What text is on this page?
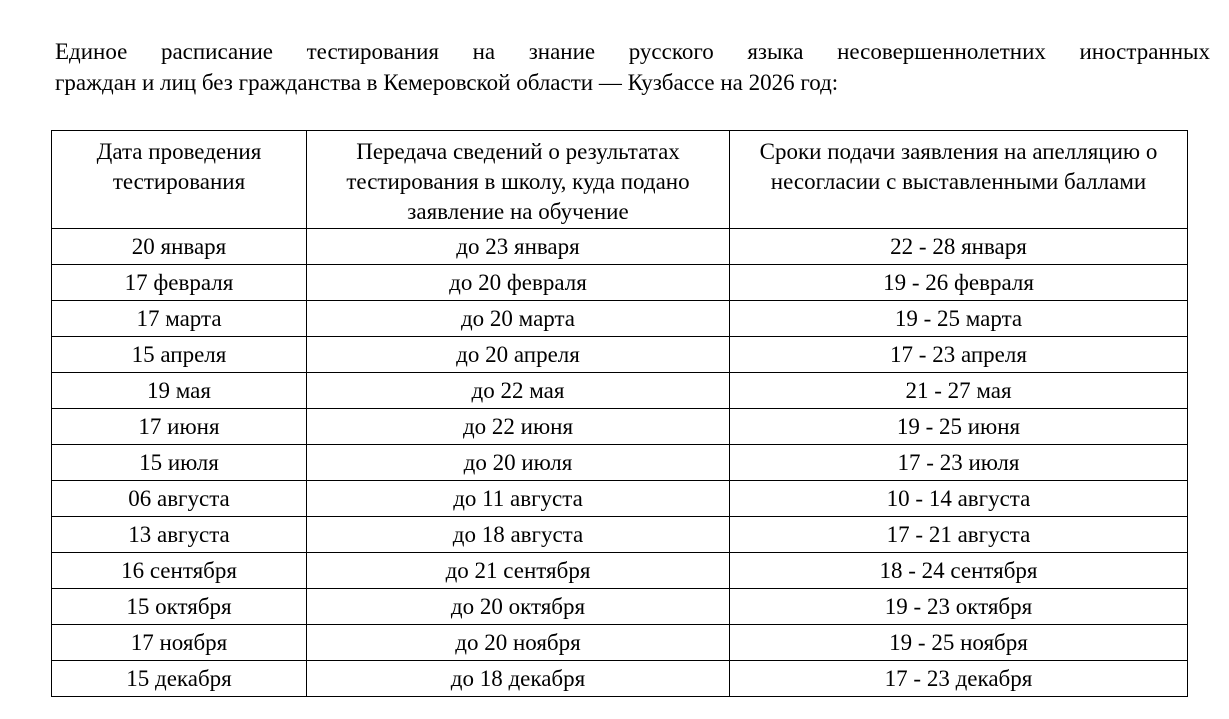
Единое расписание тестирования на знание русского языка несовершеннолетних иностранных
граждан и лиц без гражданства в Кемеровской области — Кузбассе на 2026 год:

Дата проведения тестирования	Передача сведений о результатах тестирования в школу, куда подано заявление на обучение	Сроки подачи заявления на апелляцию о несогласии с выставленными баллами
20 января	до 23 января	22 - 28 января
17 февраля	до 20 февраля	19 - 26 февраля
17 марта	до 20 марта	19 - 25 марта
15 апреля	до 20 апреля	17 - 23 апреля
19 мая	до 22 мая	21 - 27 мая
17 июня	до 22 июня	19 - 25 июня
15 июля	до 20 июля	17 - 23 июля
06 августа	до 11 августа	10 - 14 августа
13 августа	до 18 августа	17 - 21 августа
16 сентября	до 21 сентября	18 - 24 сентября
15 октября	до 20 октября	19 - 23 октября
17 ноября	до 20 ноября	19 - 25 ноября
15 декабря	до 18 декабря	17 - 23 декабря
